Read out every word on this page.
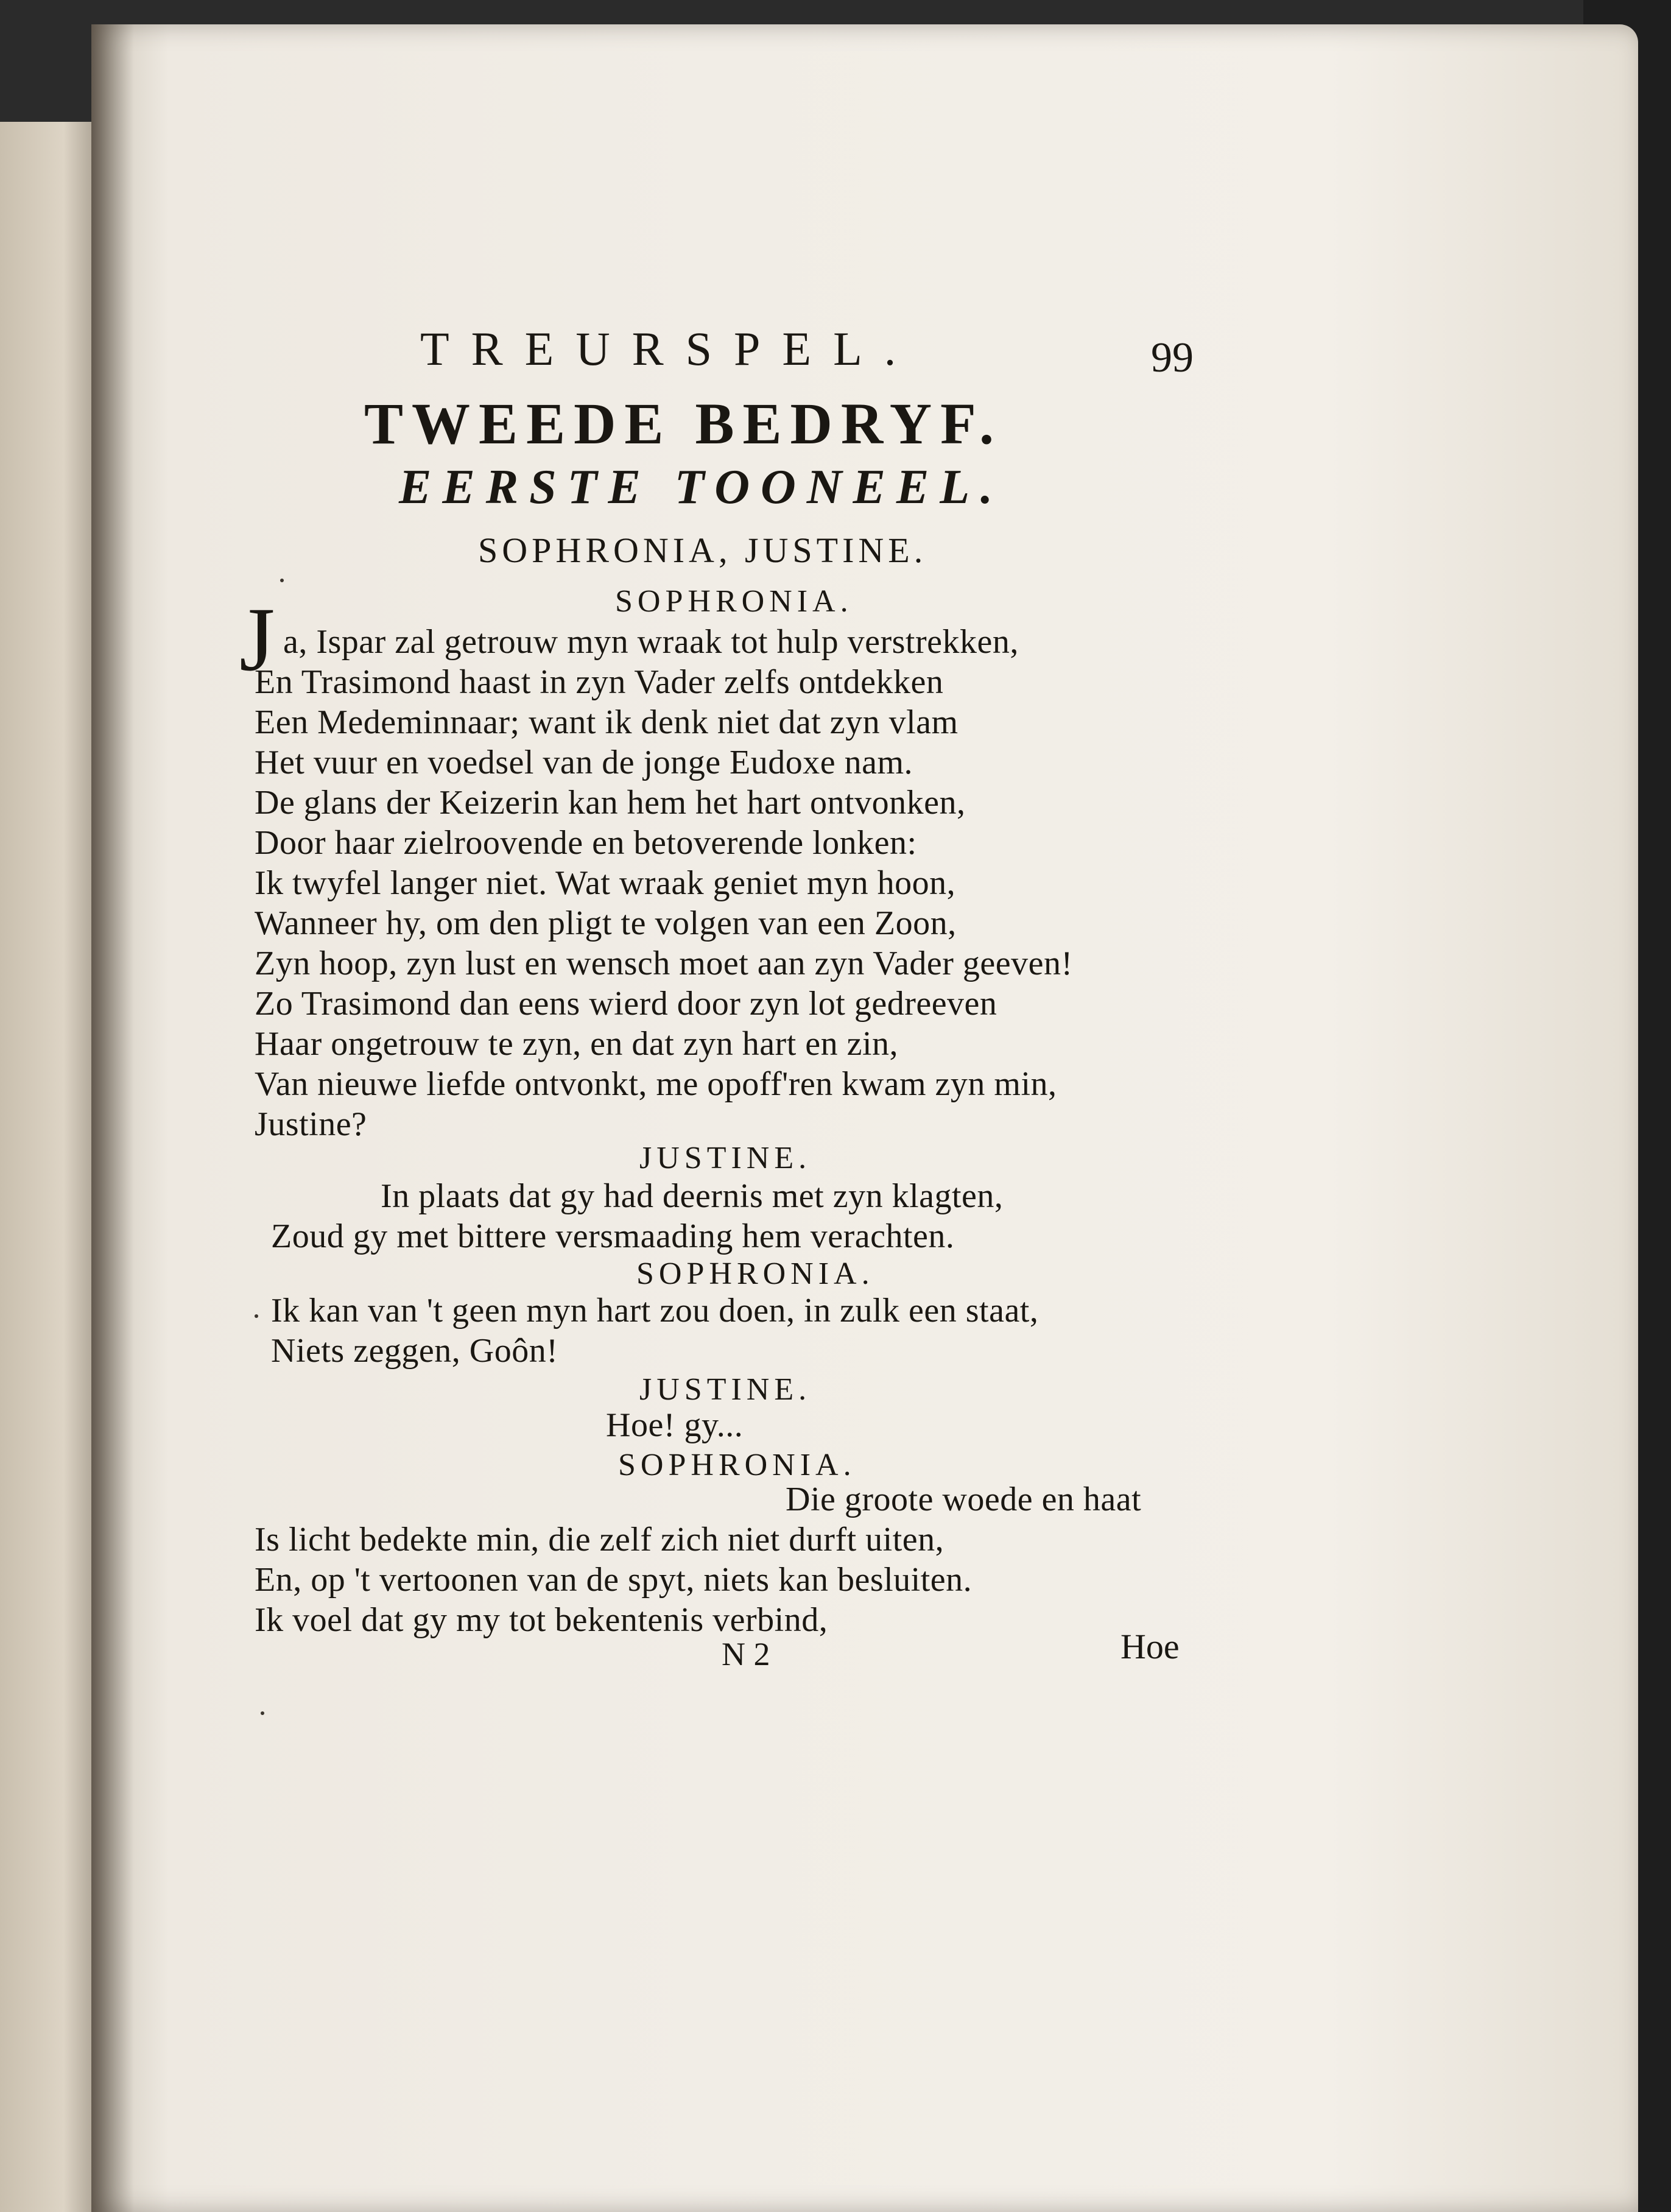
TREURSPEL.	99
TWEEDE BEDRYF.
EERSTE TOONEEL.
SOPHRONIA, JUSTINE.
SOPHRONIA.
J a, Ispar zal getrouw myn wraak tot hulp verstrekken,
En Trasimond haast in zyn Vader zelfs ontdekken
Een Medeminnaar; want ik denk niet dat zyn vlam
Het vuur en voedsel van de jonge Eudoxe nam.
De glans der Keizerin kan hem het hart ontvonken,
Door haar zielroovende en betoverende lonken:
Ik twyfel langer niet. Wat wraak geniet myn hoon,
Wanneer hy, om den pligt te volgen van een Zoon,
Zyn hoop, zyn lust en wensch moet aan zyn Vader geeven!
Zo Trasimond dan eens wierd door zyn lot gedreeven
Haar ongetrouw te zyn, en dat zyn hart en zin,
Van nieuwe liefde ontvonkt, me opoff'ren kwam zyn min,
Justine?
JUSTINE.
In plaats dat gy had deernis met zyn klagten,
Zoud gy met bittere versmaading hem verachten.
SOPHRONIA.
Ik kan van 't geen myn hart zou doen, in zulk een staat,
Niets zeggen, Goôn!
JUSTINE.
Hoe! gy...
SOPHRONIA.
Die groote woede en haat
Is licht bedekte min, die zelf zich niet durft uiten,
En, op 't vertoonen van de spyt, niets kan besluiten.
Ik voel dat gy my tot bekentenis verbind,
N 2	Hoe
